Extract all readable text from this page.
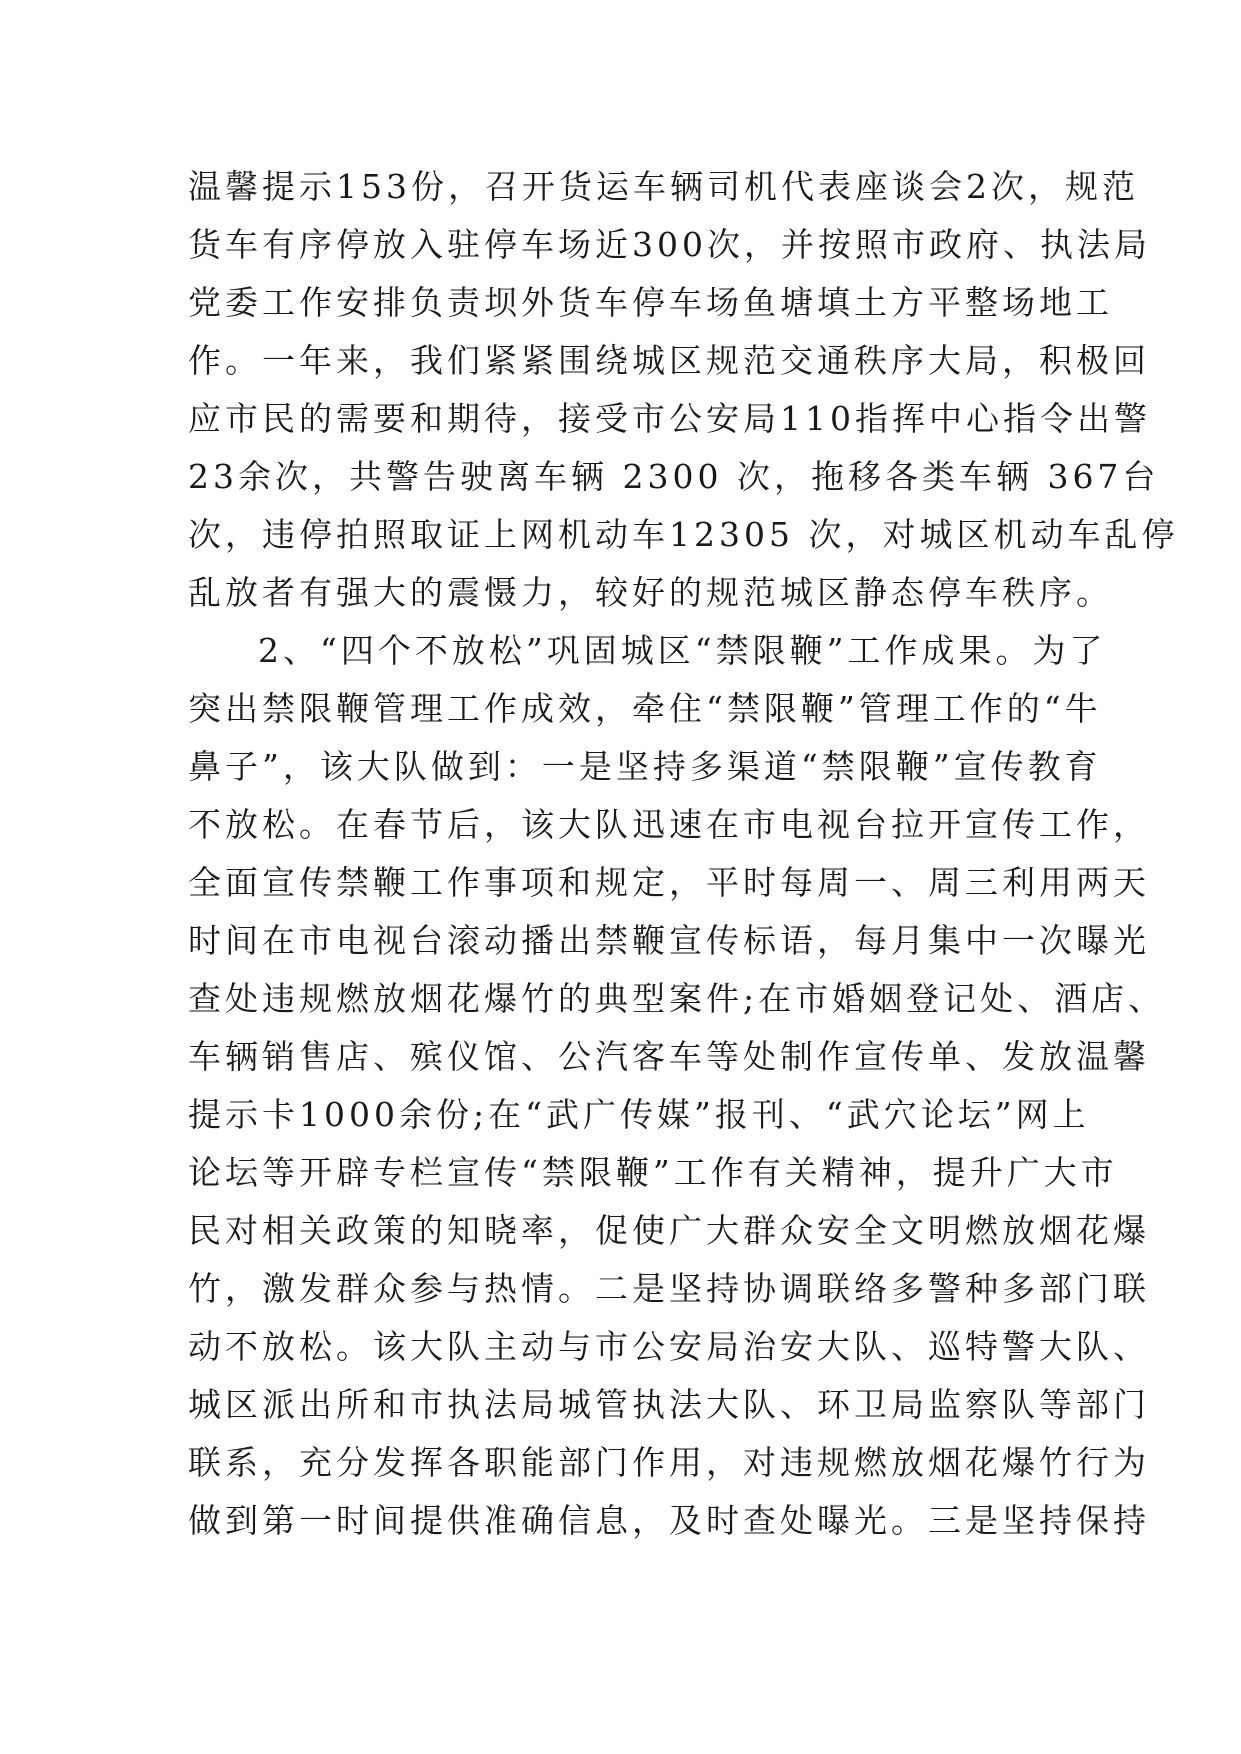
温馨提示153份，召开货运车辆司机代表座谈会2次，规范
货车有序停放入驻停车场近300次，并按照市政府、执法局
党委工作安排负责坝外货车停车场鱼塘填土方平整场地工
作。一年来，我们紧紧围绕城区规范交通秩序大局，积极回
应市民的需要和期待，接受市公安局110指挥中心指令出警
23余次，共警告驶离车辆 2300 次，拖移各类车辆 367台
次，违停拍照取证上网机动车12305 次，对城区机动车乱停
乱放者有强大的震慑力，较好的规范城区静态停车秩序。
2、“四个不放松”巩固城区“禁限鞭”工作成果。为了
突出禁限鞭管理工作成效，牵住“禁限鞭”管理工作的“牛
鼻子”，该大队做到：一是坚持多渠道“禁限鞭”宣传教育
不放松。在春节后，该大队迅速在市电视台拉开宣传工作，
全面宣传禁鞭工作事项和规定，平时每周一、周三利用两天
时间在市电视台滚动播出禁鞭宣传标语，每月集中一次曝光
查处违规燃放烟花爆竹的典型案件;在市婚姻登记处、酒店、
车辆销售店、殡仪馆、公汽客车等处制作宣传单、发放温馨
提示卡1000余份;在“武广传媒”报刊、“武穴论坛”网上
论坛等开辟专栏宣传“禁限鞭”工作有关精神，提升广大市
民对相关政策的知晓率，促使广大群众安全文明燃放烟花爆
竹，激发群众参与热情。二是坚持协调联络多警种多部门联
动不放松。该大队主动与市公安局治安大队、巡特警大队、
城区派出所和市执法局城管执法大队、环卫局监察队等部门
联系，充分发挥各职能部门作用，对违规燃放烟花爆竹行为
做到第一时间提供准确信息，及时查处曝光。三是坚持保持
